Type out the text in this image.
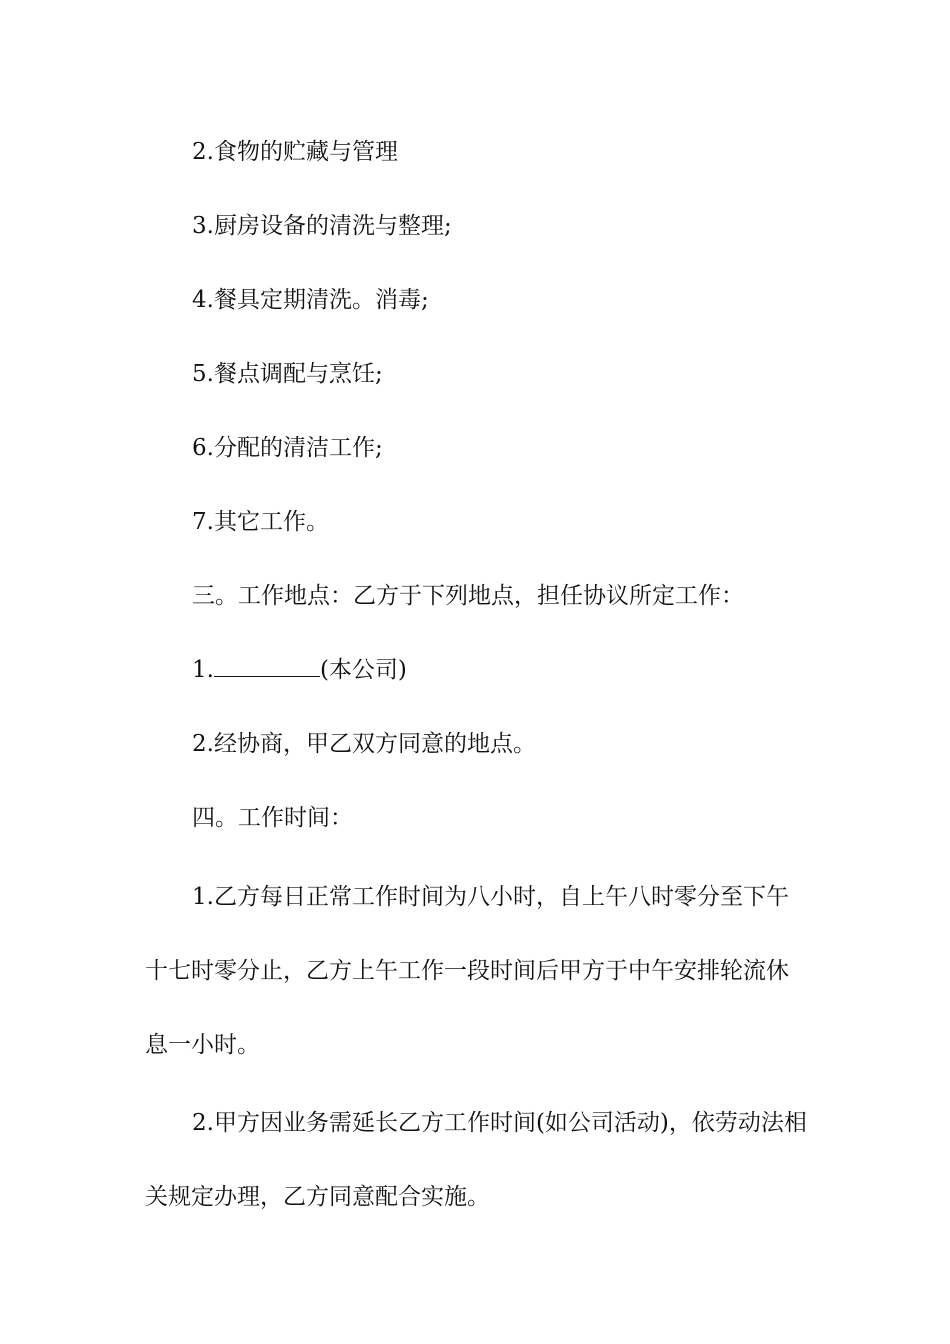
2.食物的贮藏与管理

3.厨房设备的清洗与整理;

4.餐具定期清洗。消毒;

5.餐点调配与烹饪;

6.分配的清洁工作;

7.其它工作。

三。工作地点：乙方于下列地点，担任协议所定工作：

1.	(本公司)

2.经协商，甲乙双方同意的地点。

四。工作时间：

1.乙方每日正常工作时间为八小时，自上午八时零分至下午十七时零分止，乙方上午工作一段时间后甲方于中午安排轮流休息一小时。

2.甲方因业务需延长乙方工作时间(如公司活动)，依劳动法相关规定办理，乙方同意配合实施。
